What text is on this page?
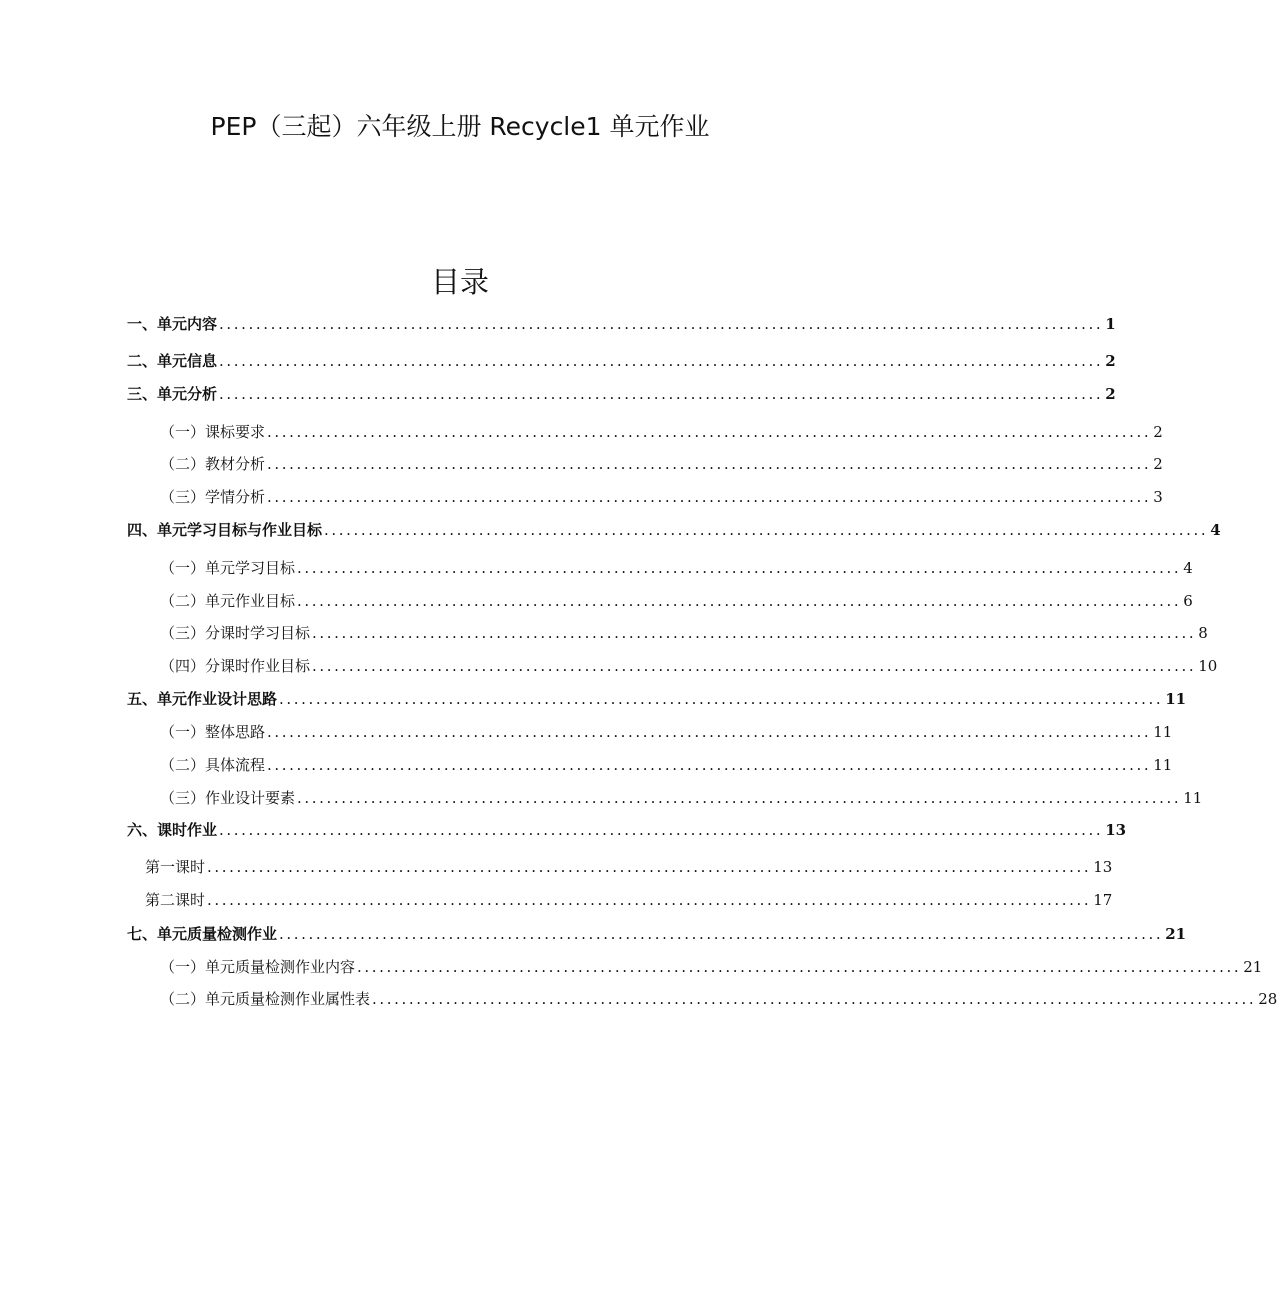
PEP（三起）六年级上册 Recycle1 单元作业
目录
一、单元内容 ........................................................................................................................ 1
二、单元信息 ........................................................................................................................ 2
三、单元分析 ........................................................................................................................ 2
（一）课标要求 ........................................................................................................................ 2
（二）教材分析 ........................................................................................................................ 2
（三）学情分析 ........................................................................................................................ 3
四、单元学习目标与作业目标 ........................................................................................................................ 4
（一）单元学习目标 ........................................................................................................................ 4
（二）单元作业目标 ........................................................................................................................ 6
（三）分课时学习目标 ........................................................................................................................ 8
（四）分课时作业目标 ........................................................................................................................ 10
五、单元作业设计思路 ........................................................................................................................ 11
（一）整体思路 ........................................................................................................................ 11
（二）具体流程 ........................................................................................................................ 11
（三）作业设计要素 ........................................................................................................................ 11
六、课时作业 ........................................................................................................................ 13
第一课时 ........................................................................................................................ 13
第二课时 ........................................................................................................................ 17
七、单元质量检测作业 ........................................................................................................................ 21
（一）单元质量检测作业内容 ........................................................................................................................ 21
（二）单元质量检测作业属性表 ........................................................................................................................ 28
